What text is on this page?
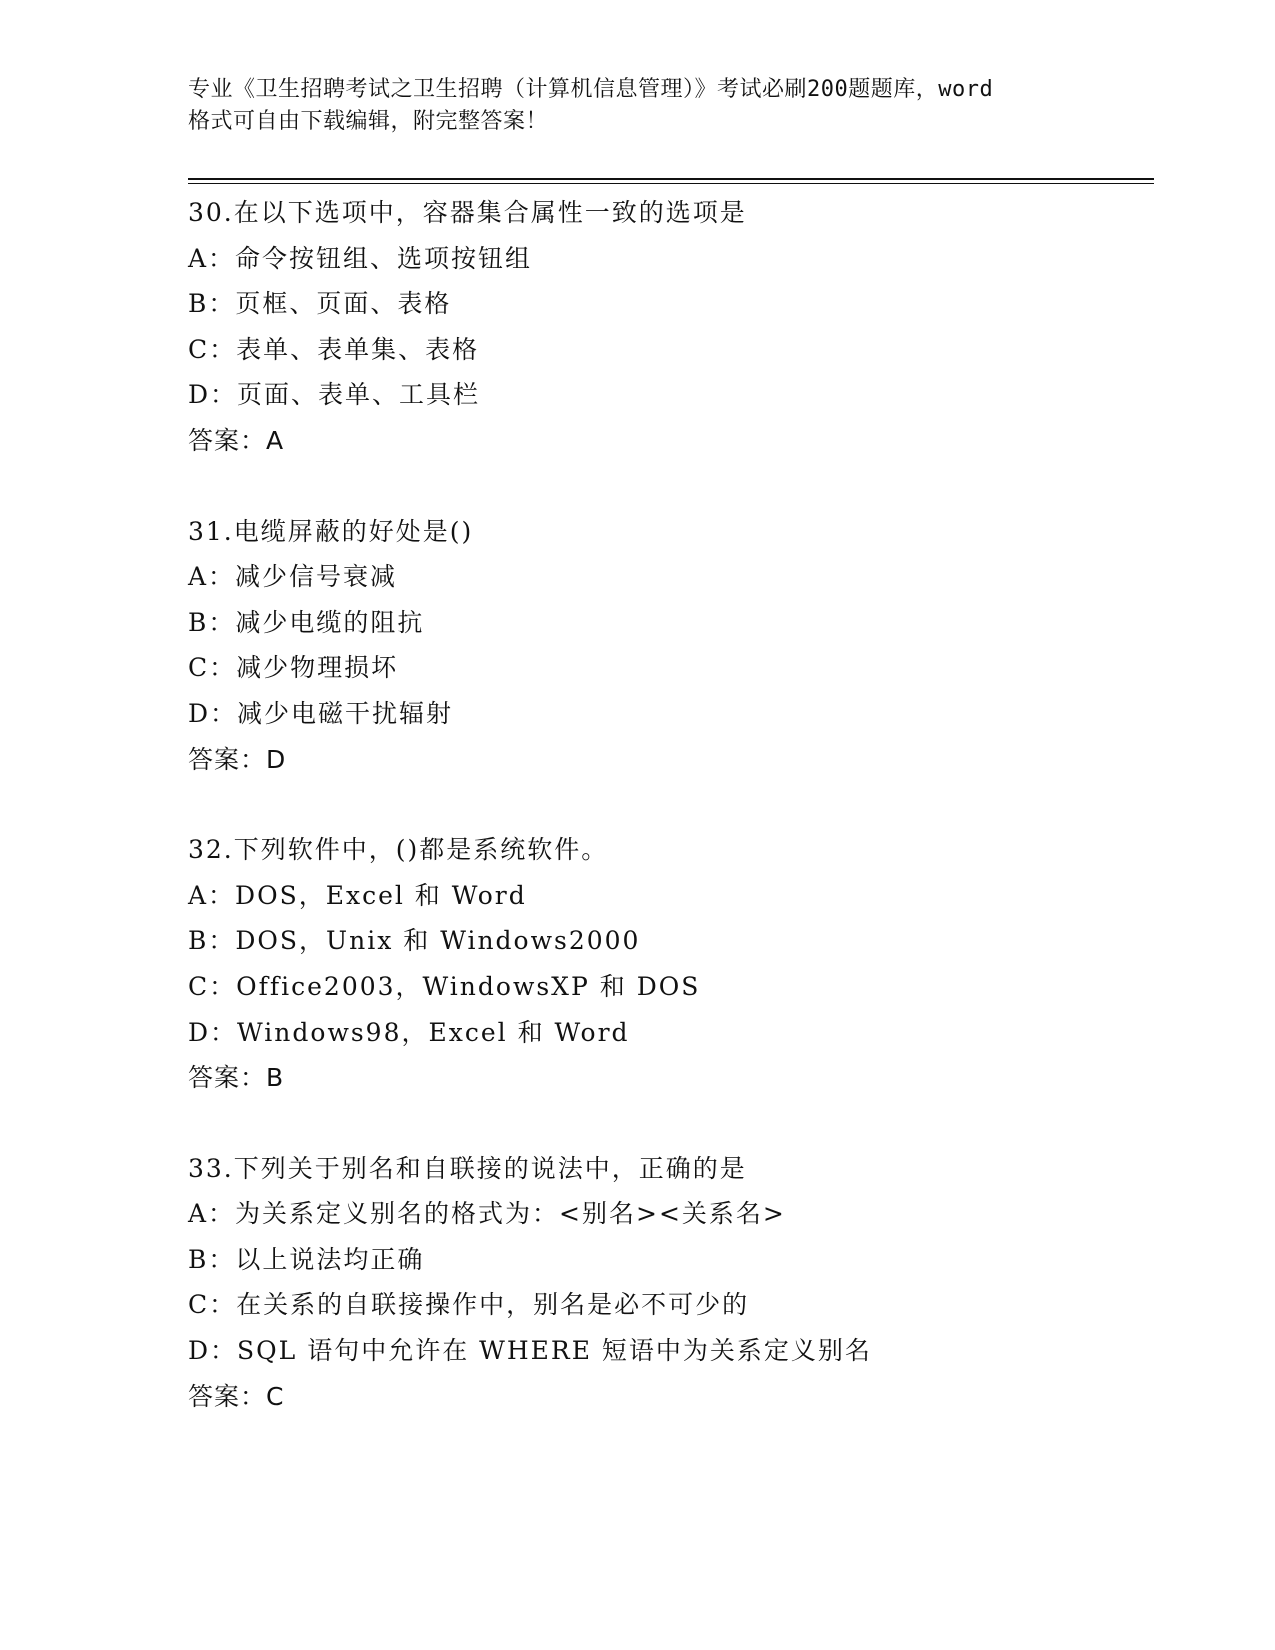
专业《卫生招聘考试之卫生招聘（计算机信息管理）》考试必刷200题题库，word
格式可自由下载编辑，附完整答案！
30.在以下选项中，容器集合属性一致的选项是
A：命令按钮组、选项按钮组
B：页框、页面、表格
C：表单、表单集、表格
D：页面、表单、工具栏
答案：A
31.电缆屏蔽的好处是()
A：减少信号衰减
B：减少电缆的阻抗
C：减少物理损坏
D：减少电磁干扰辐射
答案：D
32.下列软件中，()都是系统软件。
A：DOS，Excel 和 Word
B：DOS，Unix 和 Windows2000
C：Office2003，WindowsXP 和 DOS
D：Windows98，Excel 和 Word
答案：B
33.下列关于别名和自联接的说法中，正确的是
A：为关系定义别名的格式为：<别名><关系名>
B：以上说法均正确
C：在关系的自联接操作中，别名是必不可少的
D：SQL 语句中允许在 WHERE 短语中为关系定义别名
答案：C
